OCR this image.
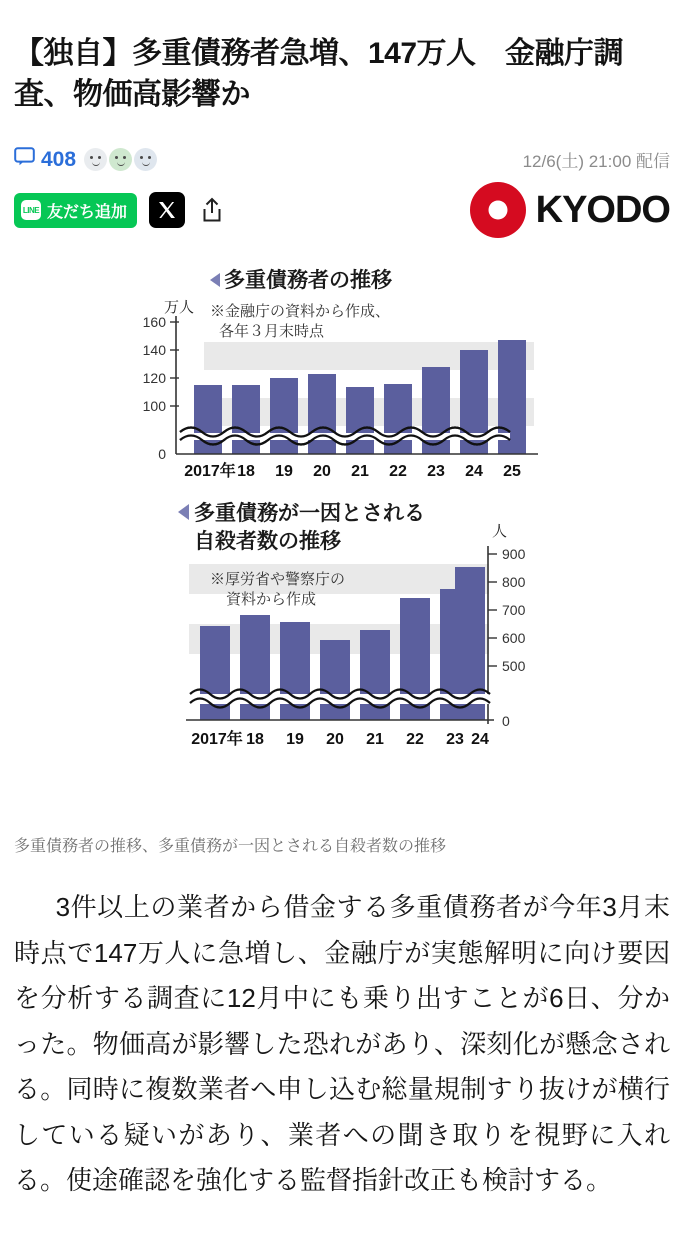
【独自】多重債務者急増、147万人　金融庁調査、物価高影響か
408	12/6(土) 21:00 配信
LINE 友だち追加	KYODO
多重債務者の推移
万人 ※金融庁の資料から作成、
各年３月末時点
160
140
120
100
0
2017年 18 19 20 21 22 23 24 25
多重債務が一因とされる
自殺者数の推移	人
※厚労省や警察庁の
資料から作成
900
800
700
600
500
0
2017年 18 19 20 21 22 23 24
多重債務者の推移、多重債務が一因とされる自殺者数の推移

3件以上の業者から借金する多重債務者が今年3月末時点で147万人に急増し、金融庁が実態解明に向け要因を分析する調査に12月中にも乗り出すことが6日、分かった。物価高が影響した恐れがあり、深刻化が懸念される。同時に複数業者へ申し込む総量規制すり抜けが横行している疑いがあり、業者への聞き取りを視野に入れる。使途確認を強化する監督指針改正も検討する。
